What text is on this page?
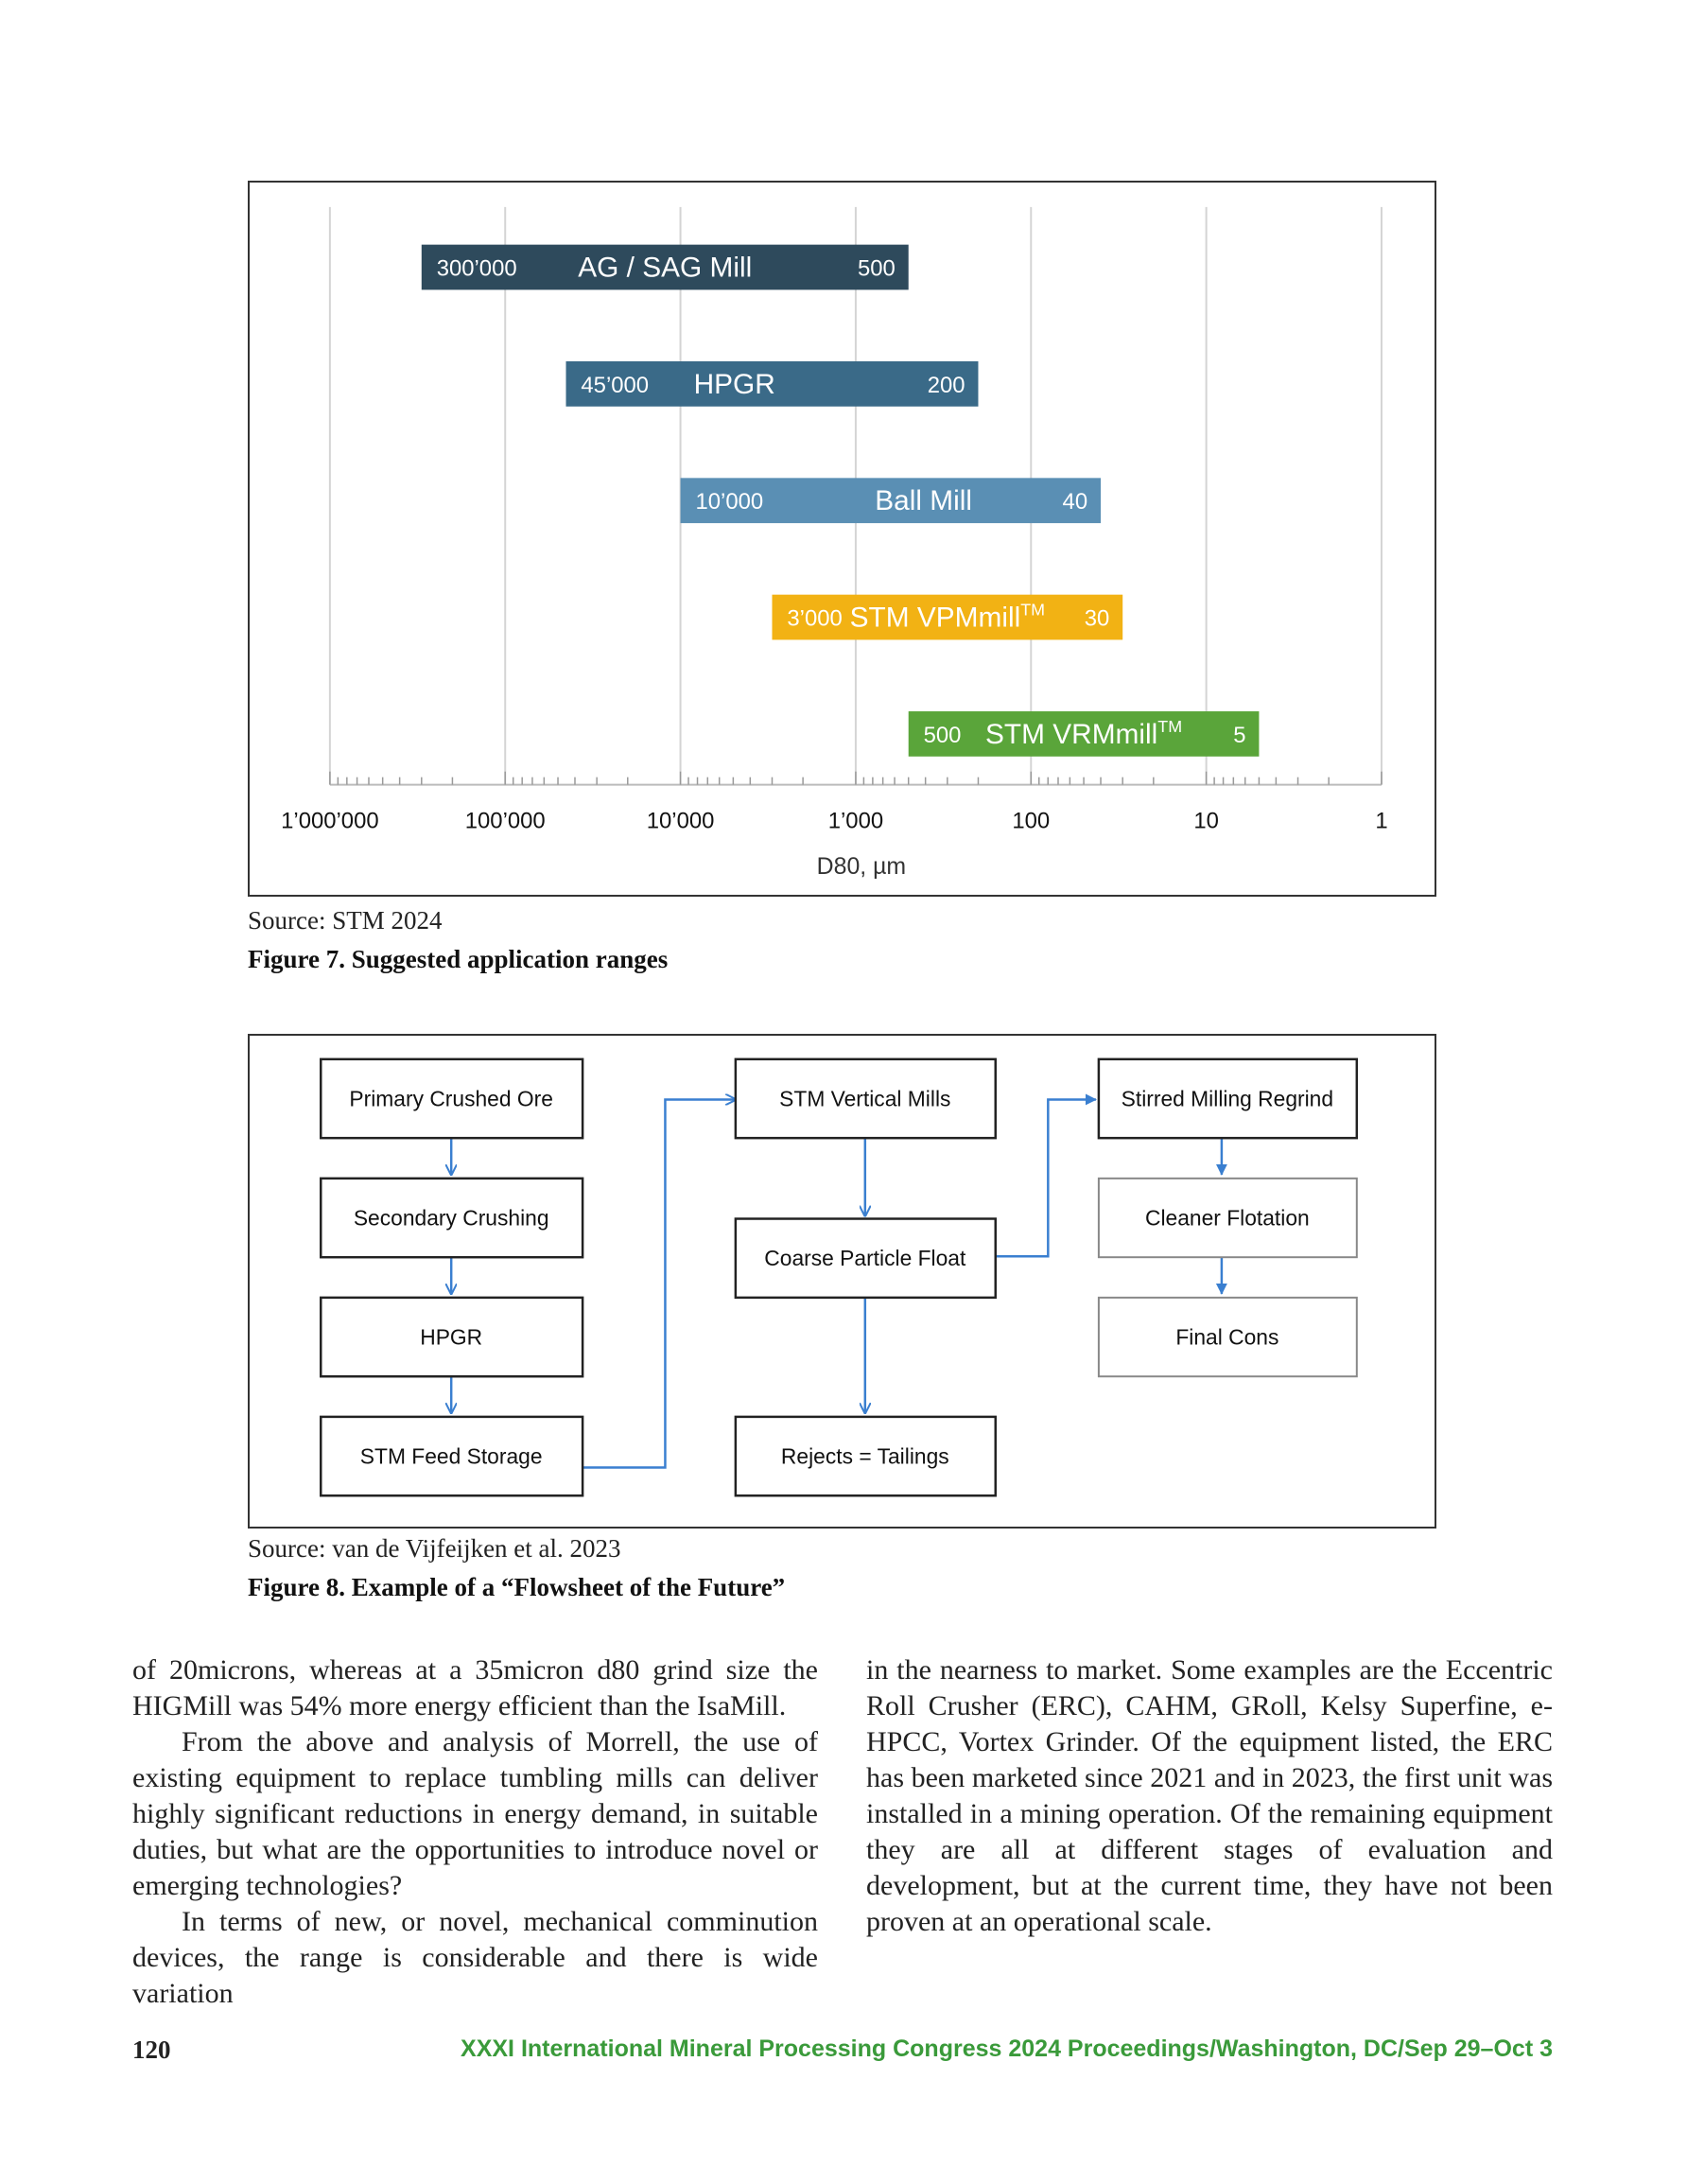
1’000’000	100’000	10’000	1’000	100	10	1
300’000	500
AG / SAG Mill
45’000	200
HPGR
10’000	40
Ball Mill
3’000	30
STM VPMmill™
500	5
STM VRMmill™
D80, µm
Source: STM 2024
Figure 7. Suggested application ranges
Primary Crushed Ore
Secondary Crushing
HPGR
STM Feed Storage
STM Vertical Mills
Coarse Particle Float
Rejects = Tailings
Stirred Milling Regrind
Cleaner Flotation
Final Cons
Source: van de Vijfeijken et al. 2023
Figure 8. Example of a “Flowsheet of the Future”

of 20microns, whereas at a 35micron d80 grind size the HIGMill was 54% more energy efficient than the IsaMill.

From the above and analysis of Morrell, the use of existing equipment to replace tumbling mills can deliver highly significant reductions in energy demand, in suitable duties, but what are the opportunities to introduce novel or emerging technologies?

In terms of new, or novel, mechanical comminution devices, the range is considerable and there is wide variation

in the nearness to market. Some examples are the Eccentric Roll Crusher (ERC), CAHM, GRoll, Kelsy Superfine, e-HPCC, Vortex Grinder. Of the equipment listed, the ERC has been marketed since 2021 and in 2023, the first unit was installed in a mining operation. Of the remaining equipment they are all at different stages of evaluation and development, but at the current time, they have not been proven at an operational scale.

120	XXXI International Mineral Processing Congress 2024 Proceedings/Washington, DC/Sep 29–Oct 3
